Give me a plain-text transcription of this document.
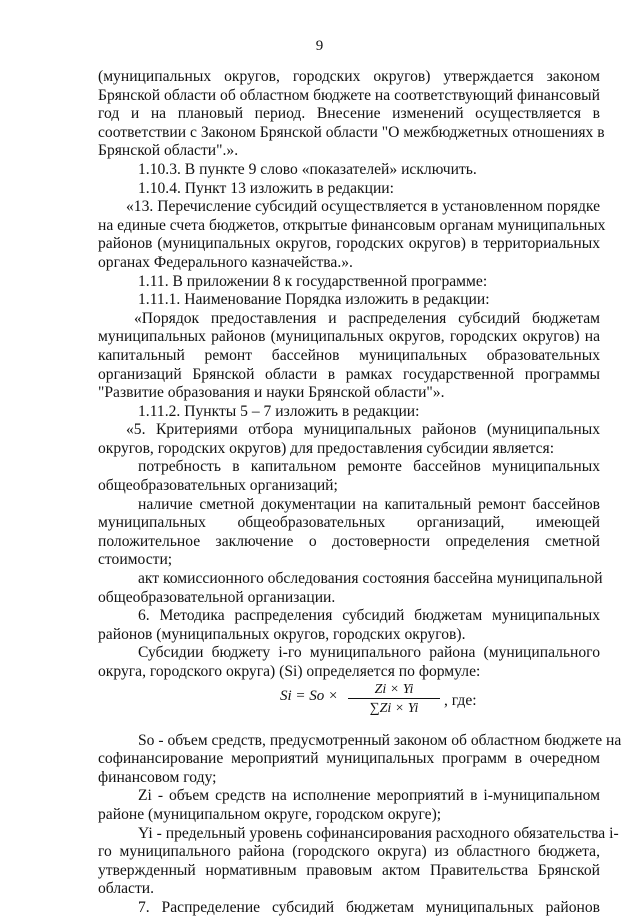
9
(муниципальных округов, городских округов) утверждается законом
Брянской области об областном бюджете на соответствующий финансовый
год и на плановый период. Внесение изменений осуществляется в
соответствии с Законом Брянской области "О межбюджетных отношениях в
Брянской области".».
1.10.3. В пункте 9 слово «показателей» исключить.
1.10.4. Пункт 13 изложить в редакции:
«13. Перечисление субсидий осуществляется в установленном порядке
на единые счета бюджетов, открытые финансовым органам муниципальных
районов (муниципальных округов, городских округов) в территориальных
органах Федерального казначейства.».
1.11. В приложении 8 к государственной программе:
1.11.1. Наименование Порядка изложить в редакции:
«Порядок предоставления и распределения субсидий бюджетам
муниципальных районов (муниципальных округов, городских округов) на
капитальный ремонт бассейнов муниципальных образовательных
организаций Брянской области в рамках государственной программы
"Развитие образования и науки Брянской области"».
1.11.2. Пункты 5 – 7 изложить в редакции:
«5. Критериями отбора муниципальных районов (муниципальных
округов, городских округов) для предоставления субсидии является:
потребность в капитальном ремонте бассейнов муниципальных
общеобразовательных организаций;
наличие сметной документации на капитальный ремонт бассейнов
муниципальных общеобразовательных организаций, имеющей
положительное заключение о достоверности определения сметной
стоимости;
акт комиссионного обследования состояния бассейна муниципальной
общеобразовательной организации.
6. Методика распределения субсидий бюджетам муниципальных
районов (муниципальных округов, городских округов).
Субсидии бюджету i-го муниципального района (муниципального
округа, городского округа) (Si) определяется по формуле:
$Si = So \times \frac{Zi \times Yi}{\sum Zi \times Yi}$ , где:
So - объем средств, предусмотренный законом об областном бюджете на
софинансирование мероприятий муниципальных программ в очередном
финансовом году;
Zi - объем средств на исполнение мероприятий в i-муниципальном
районе (муниципальном округе, городском округе);
Yi - предельный уровень софинансирования расходного обязательства i-
го муниципального района (городского округа) из областного бюджета,
утвержденный нормативным правовым актом Правительства Брянской
области.
7. Распределение субсидий бюджетам муниципальных районов
